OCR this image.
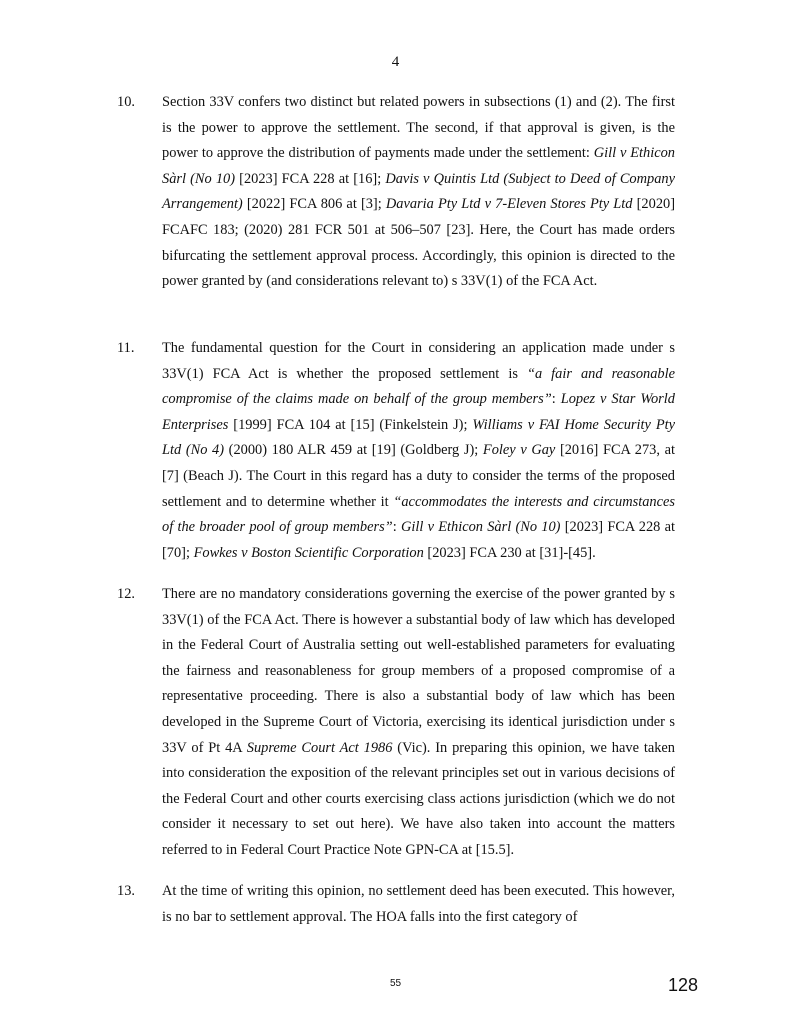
4
10. Section 33V confers two distinct but related powers in subsections (1) and (2). The first is the power to approve the settlement. The second, if that approval is given, is the power to approve the distribution of payments made under the settlement: Gill v Ethicon Sàrl (No 10) [2023] FCA 228 at [16]; Davis v Quintis Ltd (Subject to Deed of Company Arrangement) [2022] FCA 806 at [3]; Davaria Pty Ltd v 7-Eleven Stores Pty Ltd [2020] FCAFC 183; (2020) 281 FCR 501 at 506–507 [23]. Here, the Court has made orders bifurcating the settlement approval process. Accordingly, this opinion is directed to the power granted by (and considerations relevant to) s 33V(1) of the FCA Act.
11. The fundamental question for the Court in considering an application made under s 33V(1) FCA Act is whether the proposed settlement is “a fair and reasonable compromise of the claims made on behalf of the group members”: Lopez v Star World Enterprises [1999] FCA 104 at [15] (Finkelstein J); Williams v FAI Home Security Pty Ltd (No 4) (2000) 180 ALR 459 at [19] (Goldberg J); Foley v Gay [2016] FCA 273, at [7] (Beach J). The Court in this regard has a duty to consider the terms of the proposed settlement and to determine whether it “accommodates the interests and circumstances of the broader pool of group members”: Gill v Ethicon Sàrl (No 10) [2023] FCA 228 at [70]; Fowkes v Boston Scientific Corporation [2023] FCA 230 at [31]-[45].
12. There are no mandatory considerations governing the exercise of the power granted by s 33V(1) of the FCA Act. There is however a substantial body of law which has developed in the Federal Court of Australia setting out well-established parameters for evaluating the fairness and reasonableness for group members of a proposed compromise of a representative proceeding. There is also a substantial body of law which has been developed in the Supreme Court of Victoria, exercising its identical jurisdiction under s 33V of Pt 4A Supreme Court Act 1986 (Vic). In preparing this opinion, we have taken into consideration the exposition of the relevant principles set out in various decisions of the Federal Court and other courts exercising class actions jurisdiction (which we do not consider it necessary to set out here). We have also taken into account the matters referred to in Federal Court Practice Note GPN-CA at [15.5].
13. At the time of writing this opinion, no settlement deed has been executed. This however, is no bar to settlement approval. The HOA falls into the first category of
55	128
